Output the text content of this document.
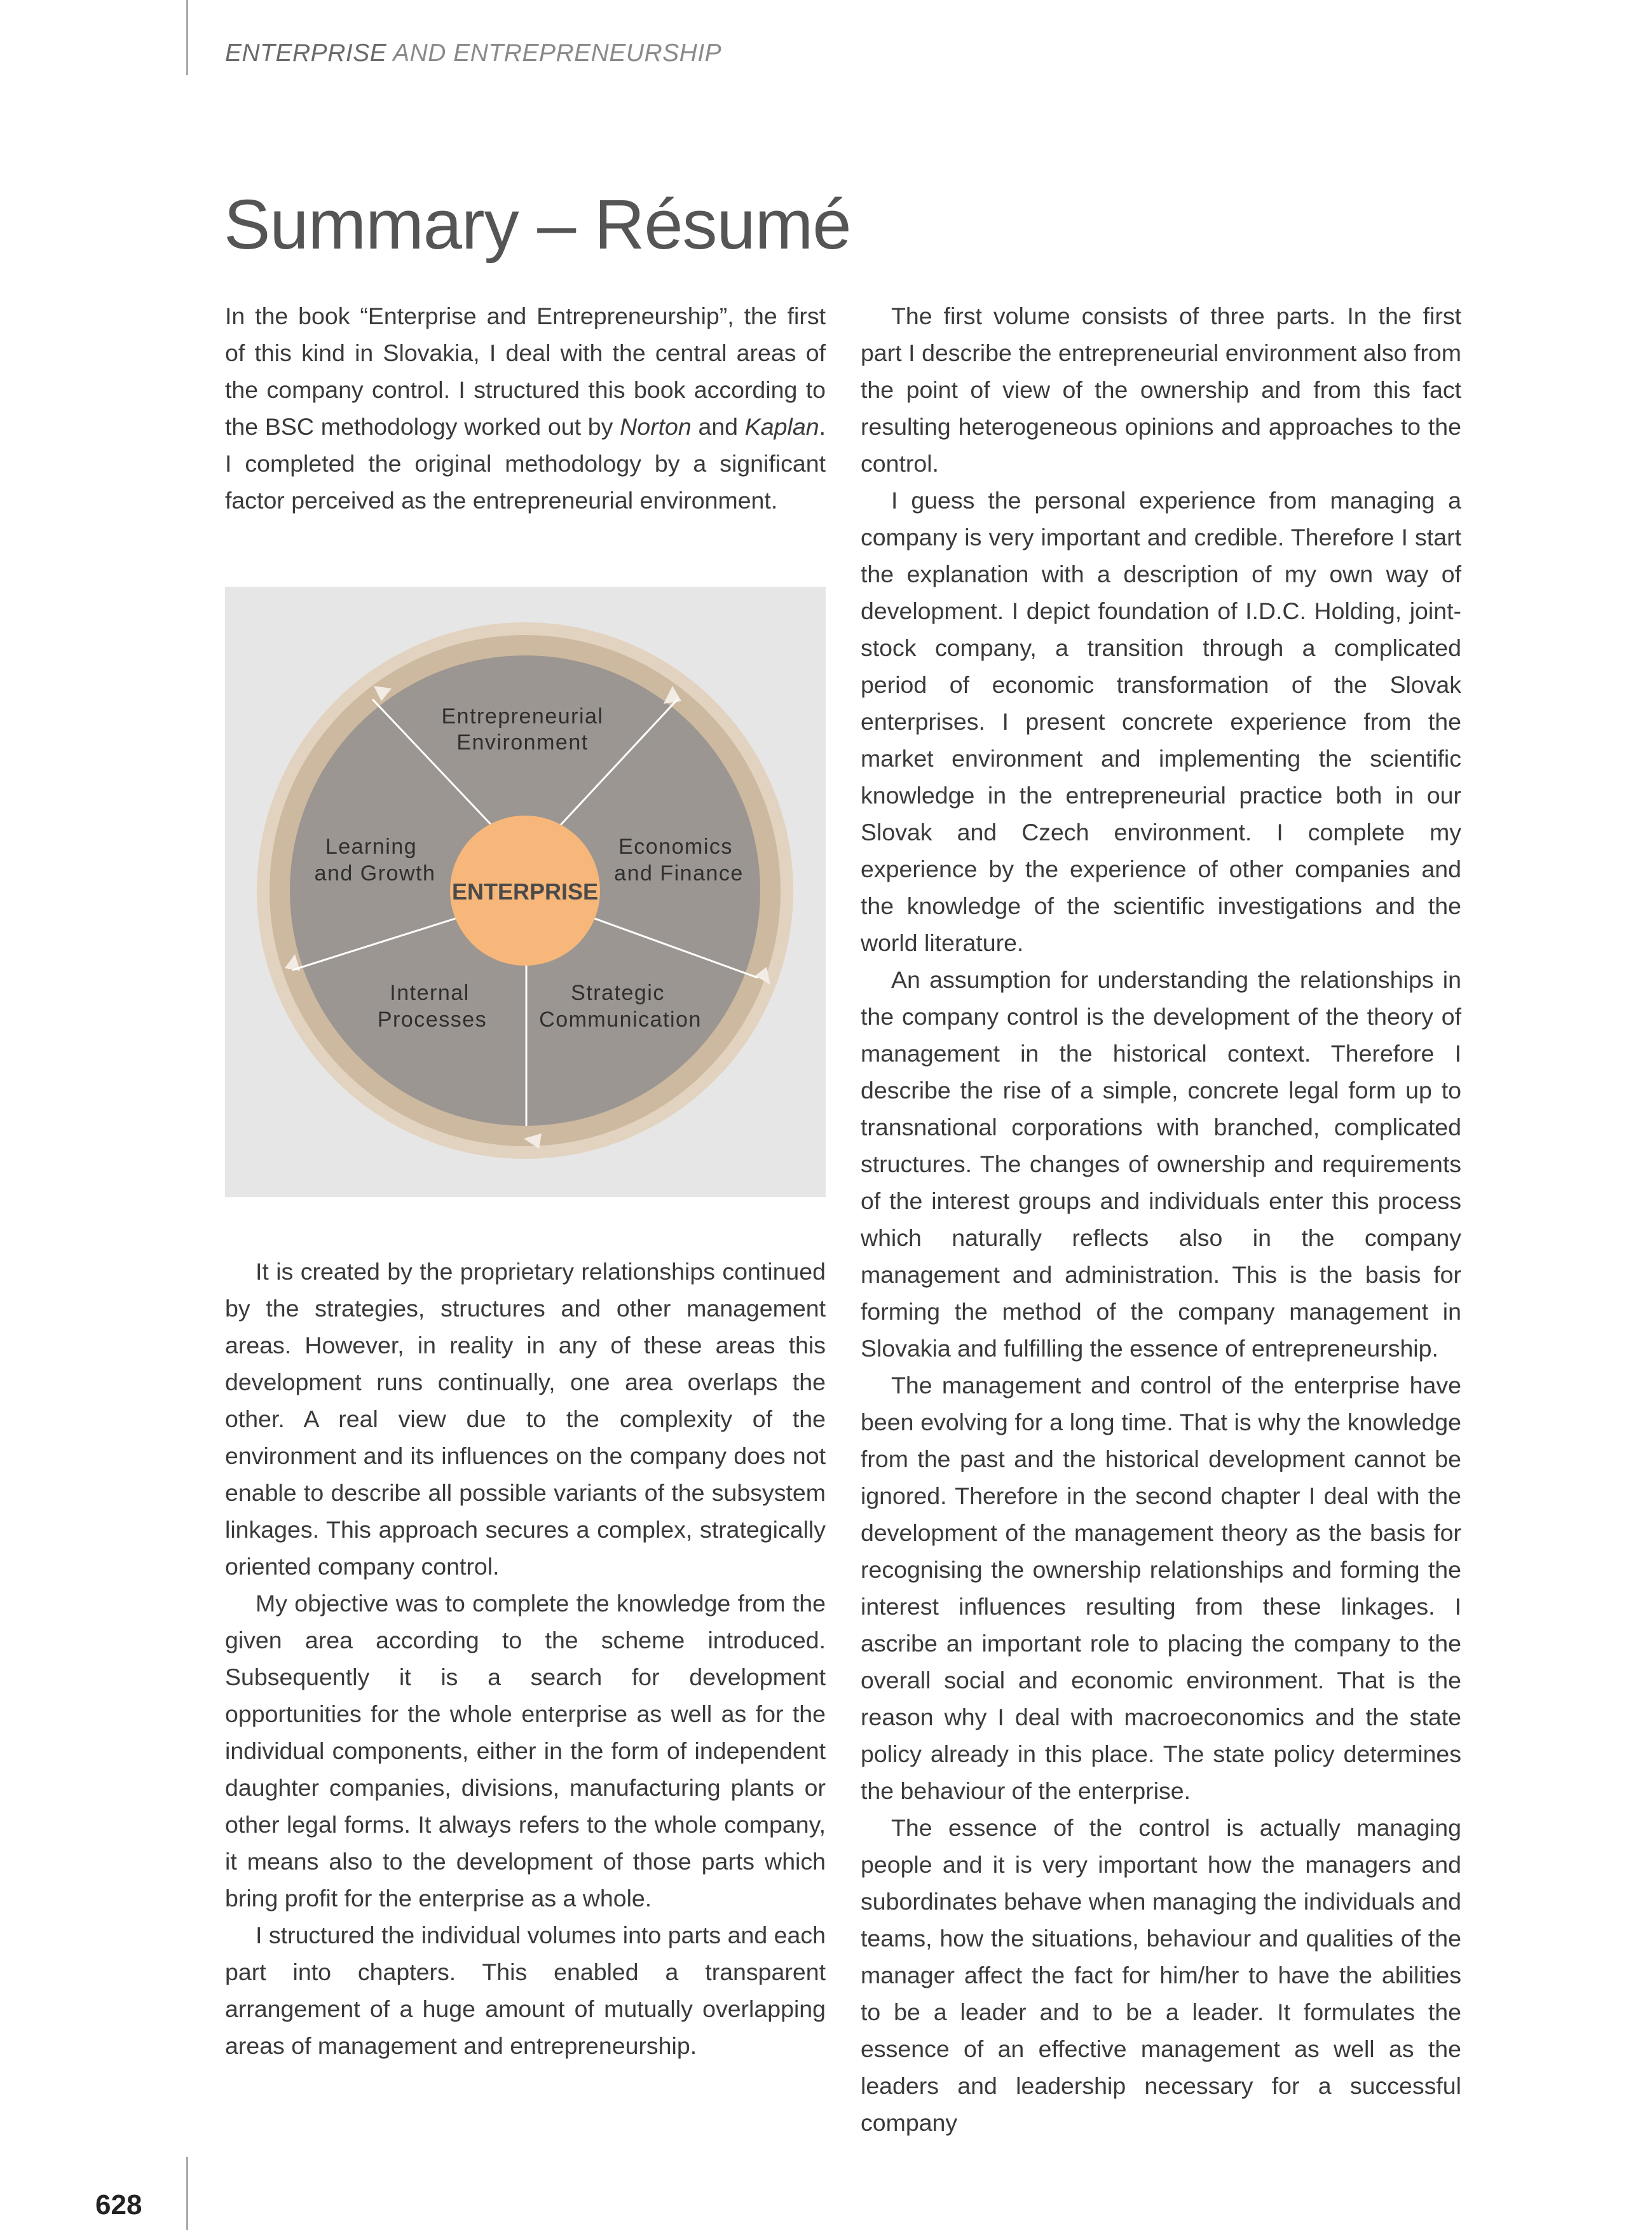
ENTERPRISE AND ENTREPRENEURSHIP
Summary – Résumé

In the book “Enterprise and Entrepreneurship”, the first of this kind in Slovakia, I deal with the central areas of the company control. I structured this book according to the BSC methodology worked out by Norton and Kaplan. I completed the original methodology by a significant factor perceived as the entrepreneurial environment.

ENTERPRISE
Entrepreneurial
Environment
Economics
and Finance
Strategic
Communication
Internal
Processes
Learning
and Growth

It is created by the proprietary relationships continued by the strategies, structures and other management areas. However, in reality in any of these areas this development runs continually, one area overlaps the other. A real view due to the complexity of the environment and its influences on the company does not enable to describe all possible variants of the subsystem linkages. This approach secures a complex, strategically oriented company control.

My objective was to complete the knowledge from the given area according to the scheme introduced. Subsequently it is a search for development opportunities for the whole enterprise as well as for the individual components, either in the form of independent daughter companies, divisions, manufacturing plants or other legal forms. It always refers to the whole company, it means also to the development of those parts which bring profit for the enterprise as a whole.

I structured the individual volumes into parts and each part into chapters. This enabled a transparent arrangement of a huge amount of mutually overlapping areas of management and entrepreneurship.

The first volume consists of three parts. In the first part I describe the entrepreneurial environment also from the point of view of the ownership and from this fact resulting heterogeneous opinions and approaches to the control.

I guess the personal experience from managing a company is very important and credible. Therefore I start the explanation with a description of my own way of development. I depict foundation of I.D.C. Holding, joint-stock company, a transition through a complicated period of economic transformation of the Slovak enterprises. I present concrete experience from the market environment and implementing the scientific knowledge in the entrepreneurial practice both in our Slovak and Czech environment. I complete my experience by the experience of other companies and the knowledge of the scientific investigations and the world literature.

An assumption for understanding the relationships in the company control is the development of the theory of management in the historical context. Therefore I describe the rise of a simple, concrete legal form up to transnational corporations with branched, complicated structures. The changes of ownership and requirements of the interest groups and individuals enter this process which naturally reflects also in the company management and administration. This is the basis for forming the method of the company management in Slovakia and fulfilling the essence of entrepreneurship.

The management and control of the enterprise have been evolving for a long time. That is why the knowledge from the past and the historical development cannot be ignored. Therefore in the second chapter I deal with the development of the management theory as the basis for recognising the ownership relationships and forming the interest influences resulting from these linkages. I ascribe an important role to placing the company to the overall social and economic environment. That is the reason why I deal with macroeconomics and the state policy already in this place. The state policy determines the behaviour of the enterprise.

The essence of the control is actually managing people and it is very important how the managers and subordinates behave when managing the individuals and teams, how the situations, behaviour and qualities of the manager affect the fact for him/her to have the abilities to be a leader and to be a leader. It formulates the essence of an effective management as well as the leaders and leadership necessary for a successful company

628
